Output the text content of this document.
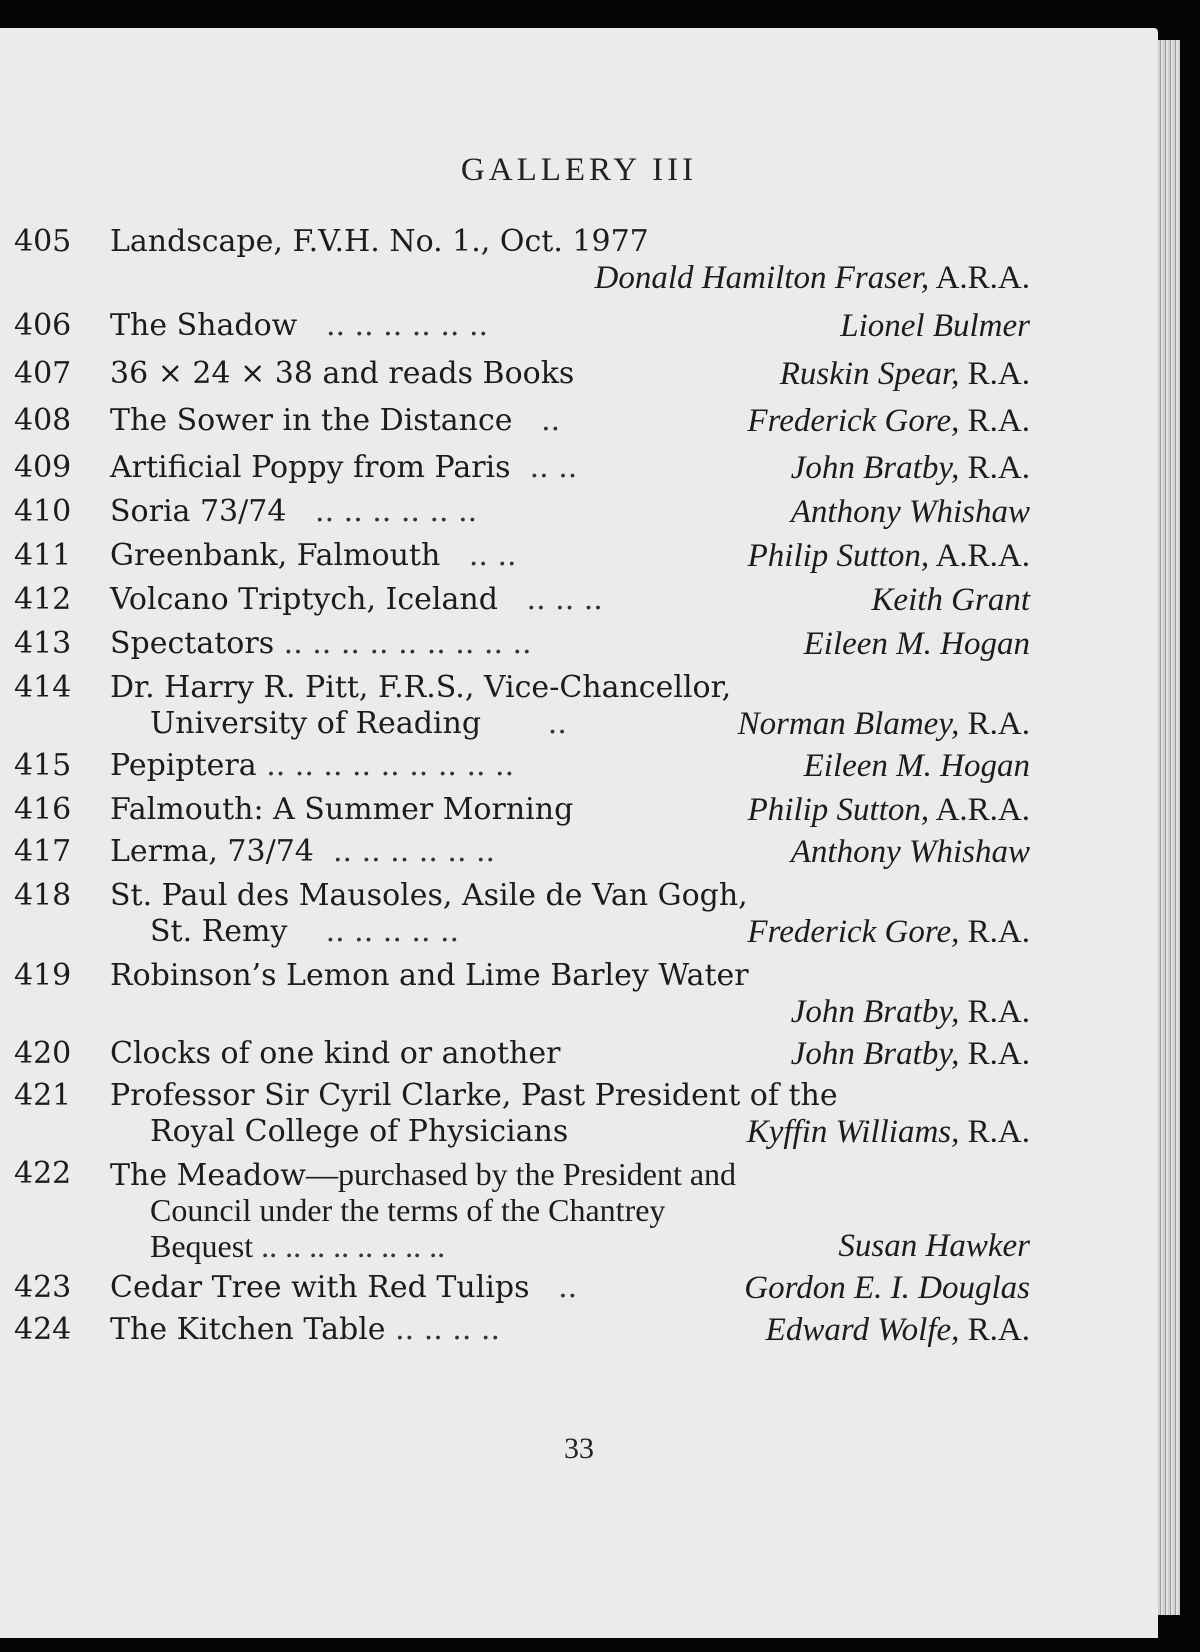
GALLERY III
405	Landscape, F.V.H. No. 1., Oct. 1977
Donald Hamilton Fraser, A.R.A.
406	The Shadow .. .. .. .. .. ..	Lionel Bulmer
407	36 × 24 × 38 and reads Books	Ruskin Spear, R.A.
408	The Sower in the Distance ..	Frederick Gore, R.A.
409	Artificial Poppy from Paris .. ..	John Bratby, R.A.
410	Soria 73/74 .. .. .. .. .. ..	Anthony Whishaw
411	Greenbank, Falmouth .. ..	Philip Sutton, A.R.A.
412	Volcano Triptych, Iceland .. .. ..	Keith Grant
413	Spectators .. .. .. .. .. .. .. .. ..	Eileen M. Hogan
414	Dr. Harry R. Pitt, F.R.S., Vice-Chancellor,
University of Reading ..	Norman Blamey, R.A.
415	Pepiptera .. .. .. .. .. .. .. .. ..	Eileen M. Hogan
416	Falmouth: A Summer Morning	Philip Sutton, A.R.A.
417	Lerma, 73/74 .. .. .. .. .. ..	Anthony Whishaw
418	St. Paul des Mausoles, Asile de Van Gogh,
St. Remy .. .. .. .. ..	Frederick Gore, R.A.
419	Robinson’s Lemon and Lime Barley Water
John Bratby, R.A.
420	Clocks of one kind or another	John Bratby, R.A.
421	Professor Sir Cyril Clarke, Past President of the
Royal College of Physicians	Kyffin Williams, R.A.
422	The Meadow—purchased by the President and
Council under the terms of the Chantrey
Bequest .. .. .. .. .. .. .. ..	Susan Hawker
423	Cedar Tree with Red Tulips ..	Gordon E. I. Douglas
424	The Kitchen Table .. .. .. ..	Edward Wolfe, R.A.
33
